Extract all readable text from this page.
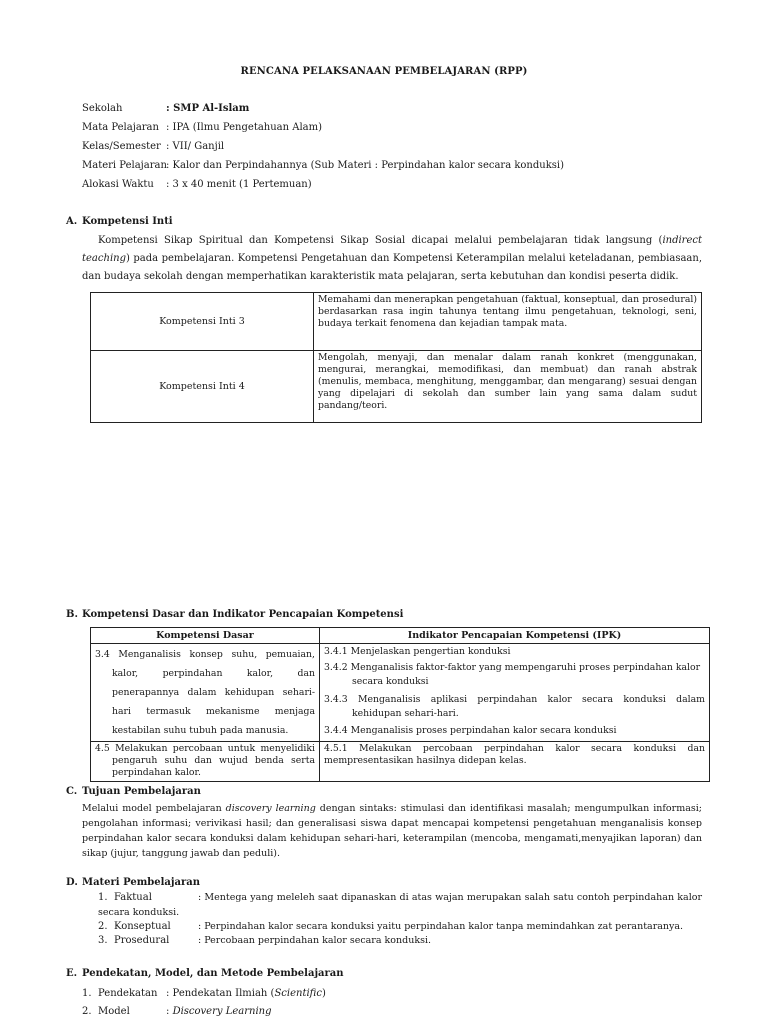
RENCANA PELAKSANAAN PEMBELAJARAN (RPP)
Sekolah	: SMP Al-Islam
Mata Pelajaran : IPA (Ilmu Pengetahuan Alam)
Kelas/Semester : VII/ Ganjil
Materi Pelajaran : Kalor dan Perpindahannya (Sub Materi : Perpindahan kalor secara konduksi)
Alokasi Waktu	: 3 x 40 menit (1 Pertemuan)
A. Kompetensi Inti
Kompetensi Sikap Spiritual dan Kompetensi Sikap Sosial dicapai melalui pembelajaran tidak langsung (indirect teaching) pada pembelajaran. Kompetensi Pengetahuan dan Kompetensi Keterampilan melalui keteladanan, pembiasaan, dan budaya sekolah dengan memperhatikan karakteristik mata pelajaran, serta kebutuhan dan kondisi peserta didik.
Kompetensi Inti 3	Memahami dan menerapkan pengetahuan (faktual, konseptual, dan prosedural) berdasarkan rasa ingin tahunya tentang ilmu pengetahuan, teknologi, seni, budaya terkait fenomena dan kejadian tampak mata.
Kompetensi Inti 4	Mengolah, menyaji, dan menalar dalam ranah konkret (menggunakan, mengurai, merangkai, memodifikasi, dan membuat) dan ranah abstrak (menulis, membaca, menghitung, menggambar, dan mengarang) sesuai dengan yang dipelajari di sekolah dan sumber lain yang sama dalam sudut pandang/teori.
B. Kompetensi Dasar dan Indikator Pencapaian Kompetensi
Kompetensi Dasar	Indikator Pencapaian Kompetensi (IPK)

3.4 Menganalisis konsep suhu, pemuaian, kalor, perpindahan kalor, dan penerapannya dalam kehidupan sehari-hari termasuk mekanisme menjaga kestabilan suhu tubuh pada manusia.	3.4.1 Menjelaskan pengertian konduksi
3.4.2 Menganalisis faktor-faktor yang mempengaruhi proses perpindahan kalor secara konduksi
3.4.3 Menganalisis aplikasi perpindahan kalor secara konduksi dalam kehidupan sehari-hari.
3.4.4 Menganalisis proses perpindahan kalor secara konduksi

4.5 Melakukan percobaan untuk menyelidiki pengaruh suhu dan wujud benda serta perpindahan kalor.	4.5.1 Melakukan percobaan perpindahan kalor secara konduksi dan mempresentasikan hasilnya didepan kelas.
C. Tujuan Pembelajaran
Melalui model pembelajaran discovery learning dengan sintaks: stimulasi dan identifikasi masalah; mengumpulkan informasi; pengolahan informasi; verivikasi hasil; dan generalisasi siswa dapat mencapai kompetensi pengetahuan menganalisis konsep perpindahan kalor secara konduksi dalam kehidupan sehari-hari, keterampilan (mencoba, mengamati,menyajikan laporan) dan sikap (jujur, tanggung jawab dan peduli).
D. Materi Pembelajaran
1. Faktual	: Mentega yang meleleh saat dipanaskan di atas wajan merupakan salah satu contoh perpindahan kalor secara konduksi.
2. Konseptual	: Perpindahan kalor secara konduksi yaitu perpindahan kalor tanpa memindahkan zat perantaranya.
3. Prosedural	: Percobaan perpindahan kalor secara konduksi.
E. Pendekatan, Model, dan Metode Pembelajaran
1. Pendekatan : Pendekatan Ilmiah (Scientific)
2. Model	: Discovery Learning
